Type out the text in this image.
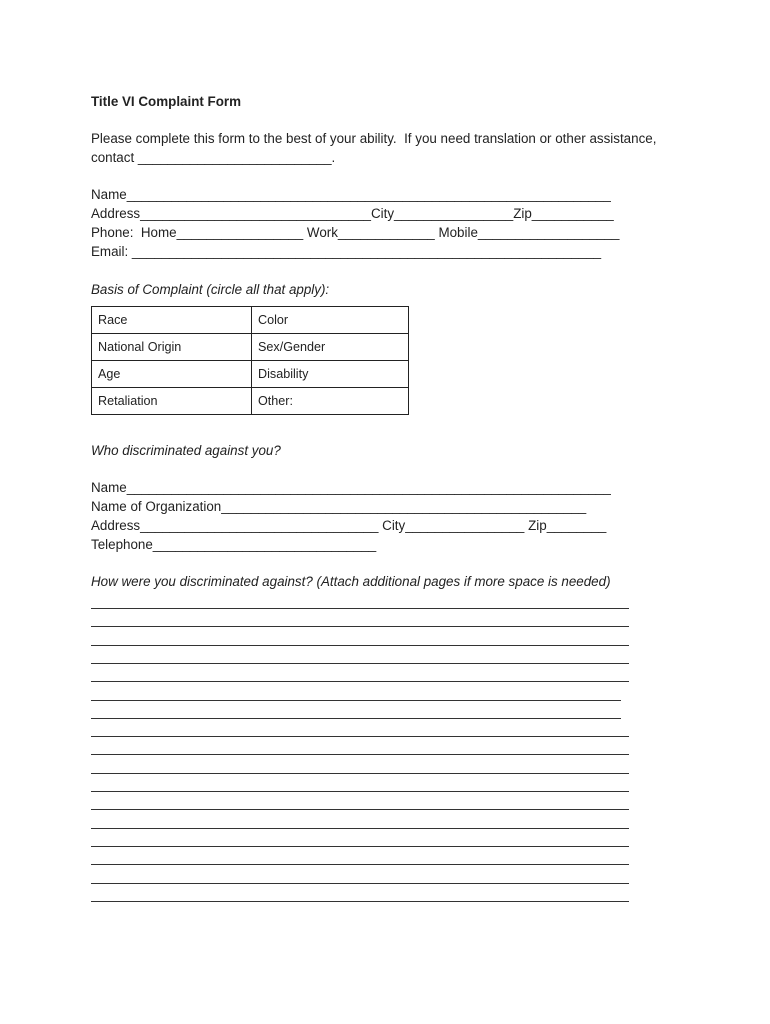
Title VI Complaint Form
Please complete this form to the best of your ability.  If you need translation or other assistance,
contact __________________________.
Name_________________________________________________________________
Address_______________________________City________________Zip___________
Phone:  Home_________________ Work_____________ Mobile___________________
Email: _______________________________________________________________
Basis of Complaint (circle all that apply):
Race	Color
National Origin	Sex/Gender
Age	Disability
Retaliation	Other:
Who discriminated against you?
Name_________________________________________________________________
Name of Organization_________________________________________________
Address________________________________ City________________ Zip________
Telephone______________________________
How were you discriminated against? (Attach additional pages if more space is needed)
